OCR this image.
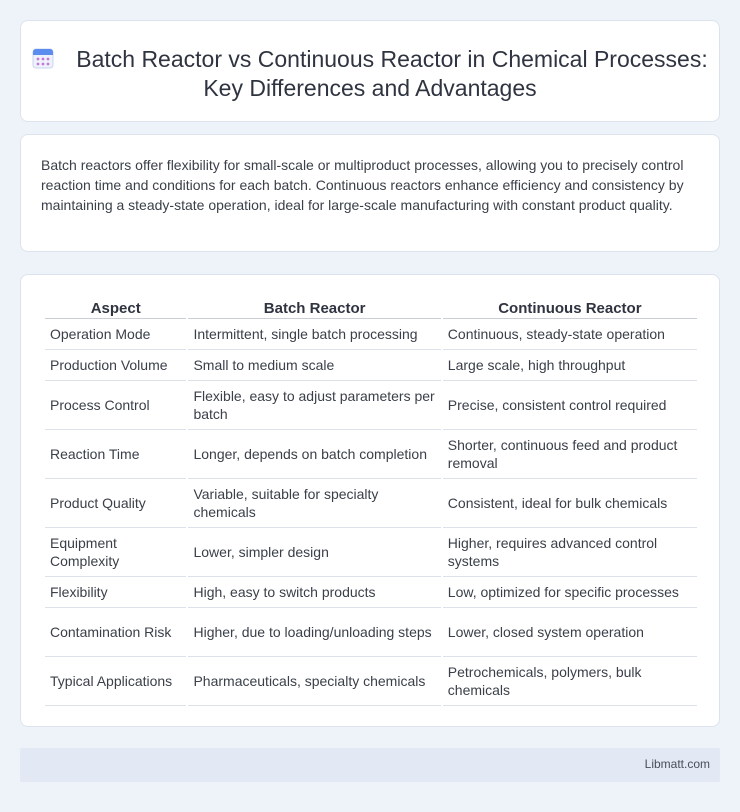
Batch Reactor vs Continuous Reactor in Chemical Processes: Key Differences and Advantages

Batch reactors offer flexibility for small-scale or multiproduct processes, allowing you to precisely control reaction time and conditions for each batch. Continuous reactors enhance efficiency and consistency by maintaining a steady-state operation, ideal for large-scale manufacturing with constant product quality.

Aspect	Batch Reactor	Continuous Reactor
Operation Mode	Intermittent, single batch processing	Continuous, steady-state operation
Production Volume	Small to medium scale	Large scale, high throughput
Process Control	Flexible, easy to adjust parameters per batch	Precise, consistent control required
Reaction Time	Longer, depends on batch completion	Shorter, continuous feed and product removal
Product Quality	Variable, suitable for specialty chemicals	Consistent, ideal for bulk chemicals
Equipment Complexity	Lower, simpler design	Higher, requires advanced control systems
Flexibility	High, easy to switch products	Low, optimized for specific processes
Contamination Risk	Higher, due to loading/unloading steps	Lower, closed system operation
Typical Applications	Pharmaceuticals, specialty chemicals	Petrochemicals, polymers, bulk chemicals
Libmatt.com
